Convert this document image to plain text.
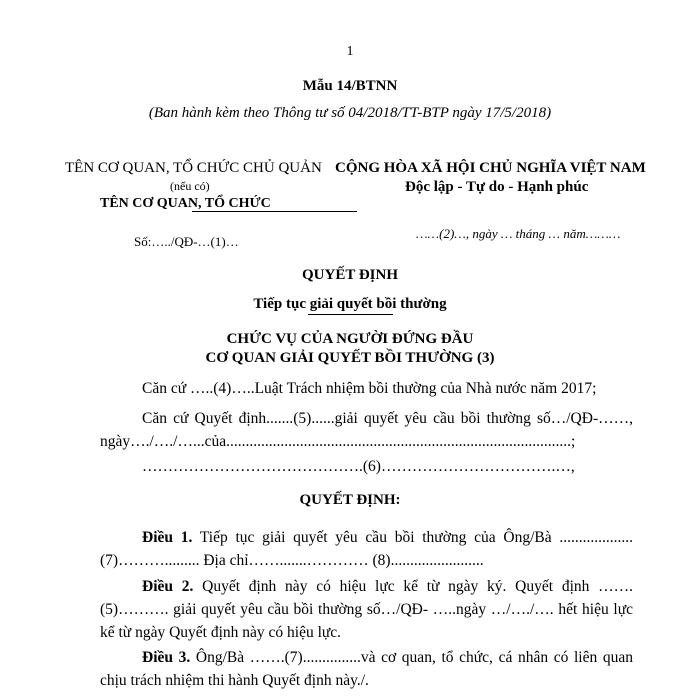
1
Mẫu 14/BTNN
(Ban hành kèm theo Thông tư số 04/2018/TT-BTP ngày 17/5/2018)
TÊN CƠ QUAN, TỔ CHỨC CHỦ QUẢN
(nếu có)
TÊN CƠ QUAN, TỔ CHỨC
CỘNG HÒA XÃ HỘI CHỦ NGHĨA VIỆT NAM
Độc lập - Tự do - Hạnh phúc
Số:…../QĐ-…(1)…
……(2)…, ngày … tháng … năm………
QUYẾT ĐỊNH
Tiếp tục giải quyết bồi thường
CHỨC VỤ CỦA NGƯỜI ĐỨNG ĐẦU
CƠ QUAN GIẢI QUYẾT BỒI THƯỜNG (3)
Căn cứ …..(4)…..Luật Trách nhiệm bồi thường của Nhà nước năm 2017;
Căn cứ Quyết định.......(5)......giải quyết yêu cầu bồi thường số…/QĐ-……, ngày…./…./…...của.........................................................................................;
…………………………………….(6)…………………………….…,
QUYẾT ĐỊNH:
Điều 1. Tiếp tục giải quyết yêu cầu bồi thường của Ông/Bà ...................(7)………......... Địa chỉ…….......………… (8)........................
Điều 2. Quyết định này có hiệu lực kể từ ngày ký. Quyết định …….(5)………. giải quyết yêu cầu bồi thường số…/QĐ- …..ngày …/…./…. hết hiệu lực kể từ ngày Quyết định này có hiệu lực.
Điều 3. Ông/Bà …….(7)...............và cơ quan, tổ chức, cá nhân có liên quan chịu trách nhiệm thi hành Quyết định này./.
